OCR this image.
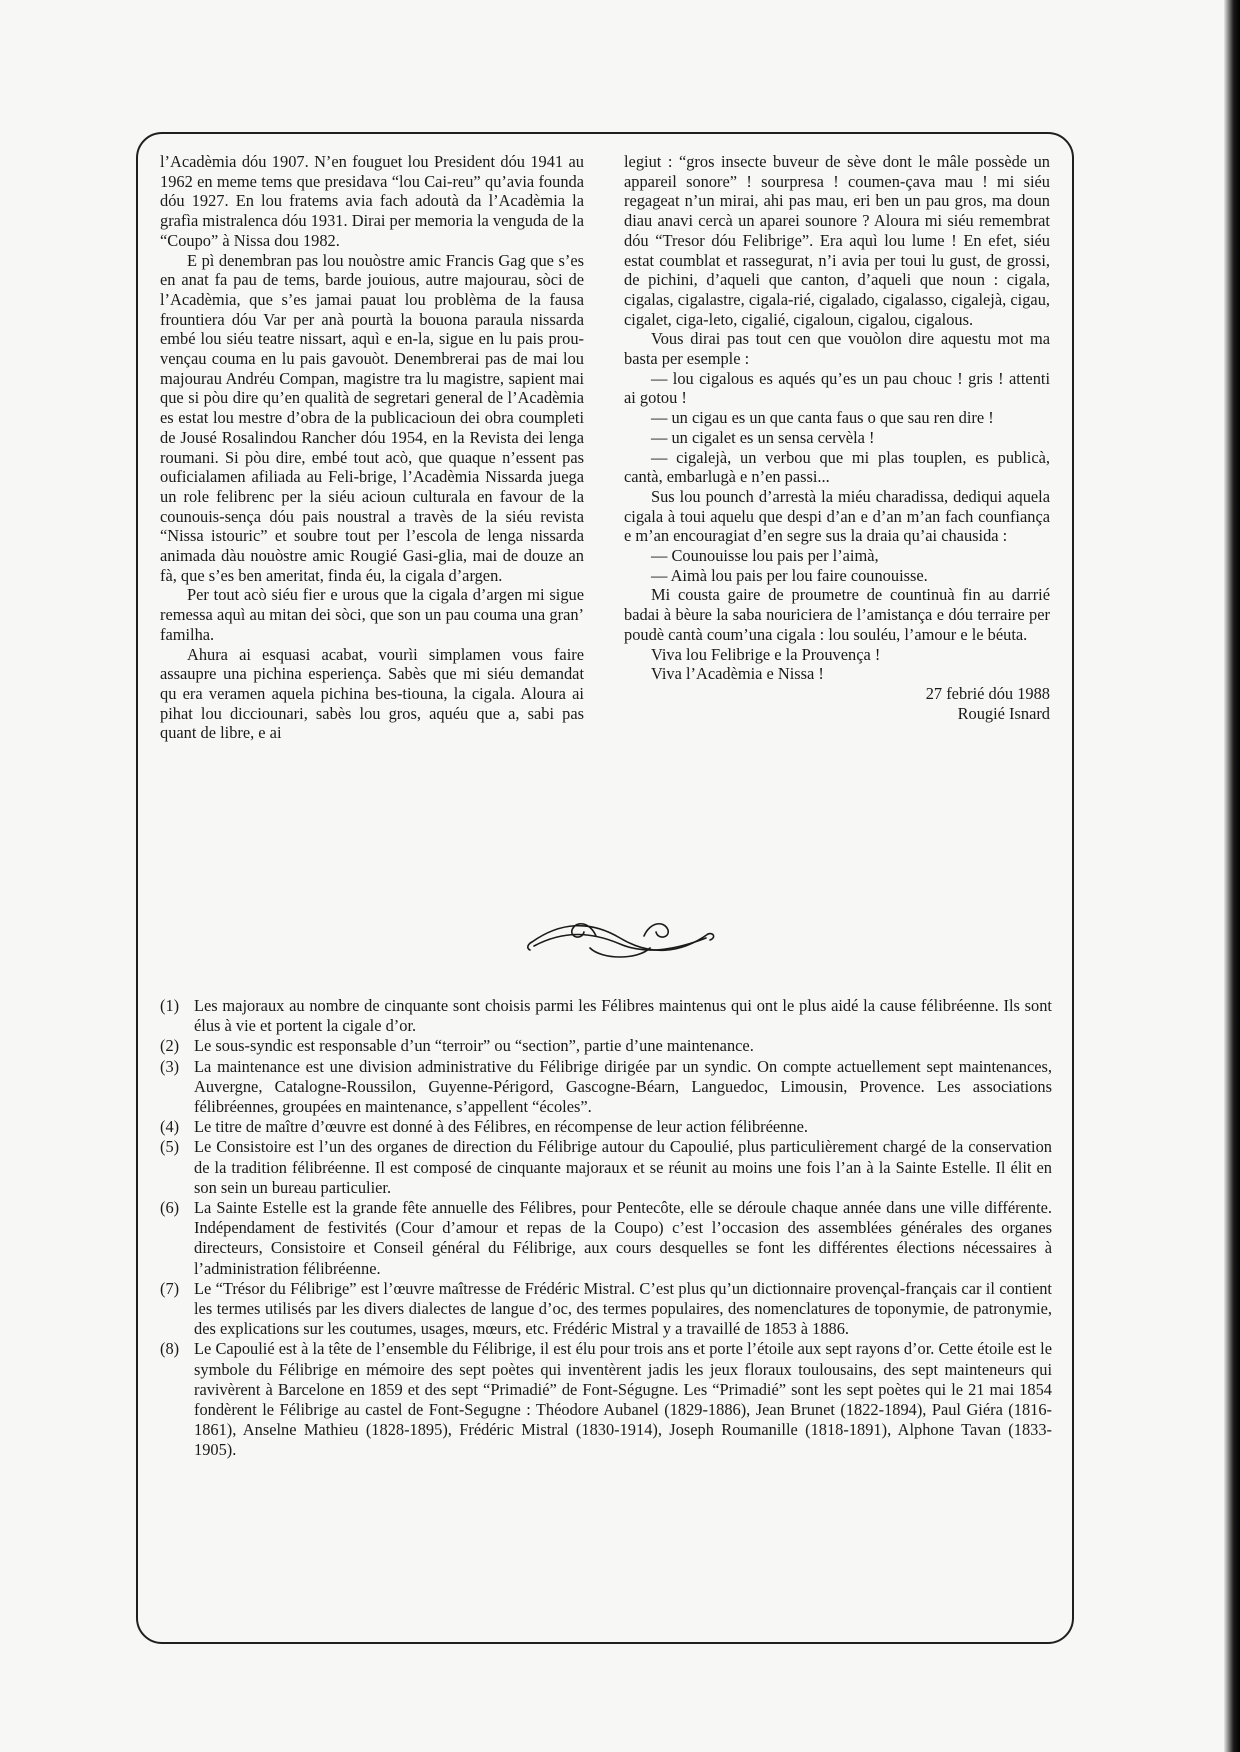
l’Acadèmia dóu 1907. N’en fouguet lou President dóu 1941 au 1962 en meme tems que presidava “lou Cai-reu” qu’avia founda dóu 1927. En lou fratems avia fach adoutà da l’Acadèmia la grafìa mistralenca dóu 1931. Dirai per memoria la venguda de la “Coupo” à Nissa dou 1982.

E pì denembran pas lou nouòstre amic Francis Gag que s’es en anat fa pau de tems, barde jouious, autre majourau, sòci de l’Acadèmia, que s’es jamai pauat lou problèma de la fausa frountiera dóu Var per anà pourtà la bouona paraula nissarda embé lou siéu teatre nissart, aquì e en-la, sigue en lu pais prou-vençau couma en lu pais gavouòt. Denembrerai pas de mai lou majourau Andréu Compan, magistre tra lu magistre, sapient mai que si pòu dire qu’en qualità de segretari general de l’Acadèmia es estat lou mestre d’obra de la publicacioun dei obra coumpleti de Jousé Rosalindou Rancher dóu 1954, en la Revista dei lenga roumani. Si pòu dire, embé tout acò, que quaque n’essent pas ouficialamen afiliada au Feli-brige, l’Acadèmia Nissarda juega un role felibrenc per la siéu acioun culturala en favour de la counouis-sença dóu pais noustral a travès de la siéu revista “Nissa istouric” et soubre tout per l’escola de lenga nissarda animada dàu nouòstre amic Rougié Gasi-glia, mai de douze an fà, que s’es ben ameritat, finda éu, la cigala d’argen.

Per tout acò siéu fier e urous que la cigala d’argen mi sigue remessa aquì au mitan dei sòci, que son un pau couma una gran’ familha.

Ahura ai esquasi acabat, vourìi simplamen vous faire assaupre una pichina esperiença. Sabès que mi siéu demandat qu era veramen aquela pichina bes-tiouna, la cigala. Aloura ai pihat lou dicciounari, sabès lou gros, aquéu que a, sabi pas quant de libre, e ai

legiut : “gros insecte buveur de sève dont le mâle possède un appareil sonore” ! sourpresa ! coumen-çava mau ! mi siéu regageat n’un mirai, ahi pas mau, eri ben un pau gros, ma doun diau anavi cercà un aparei sounore ? Aloura mi siéu remembrat dóu “Tresor dóu Felibrige”. Era aquì lou lume ! En efet, siéu estat coumblat et rassegurat, n’i avia per toui lu gust, de grossi, de pichini, d’aqueli que canton, d’aqueli que noun : cigala, cigalas, cigalastre, cigala-rié, cigalado, cigalasso, cigalejà, cigau, cigalet, ciga-leto, cigalié, cigaloun, cigalou, cigalous.

Vous dirai pas tout cen que vouòlon dire aquestu mot ma basta per esemple :

— lou cigalous es aqués qu’es un pau chouc ! gris ! attenti ai gotou !

— un cigau es un que canta faus o que sau ren dire !

— un cigalet es un sensa cervèla !

— cigalejà, un verbou que mi plas touplen, es publicà, cantà, embarlugà e n’en passi...

Sus lou pounch d’arrestà la miéu charadissa, dediqui aquela cigala à toui aquelu que despi d’an e d’an m’an fach counfiança e m’an encouragiat d’en segre sus la draia qu’ai chausida :

— Counouisse lou pais per l’aimà,

— Aimà lou pais per lou faire counouisse.

Mi cousta gaire de proumetre de countinuà fin au darrié badai à bèure la saba nouriciera de l’amistança e dóu terraire per poudè cantà coum’una cigala : lou souléu, l’amour e le béuta.

Viva lou Felibrige e la Prouvença !

Viva l’Acadèmia e Nissa !

27 febrié dóu 1988

Rougié Isnard

(1) Les majoraux au nombre de cinquante sont choisis parmi les Félibres maintenus qui ont le plus aidé la cause félibréenne. Ils sont élus à vie et portent la cigale d’or.
(2) Le sous-syndic est responsable d’un “terroir” ou “section”, partie d’une maintenance.
(3) La maintenance est une division administrative du Félibrige dirigée par un syndic. On compte actuellement sept maintenances, Auvergne, Catalogne-Roussilon, Guyenne-Périgord, Gascogne-Béarn, Languedoc, Limousin, Provence. Les associations félibréennes, groupées en maintenance, s’appellent “écoles”.
(4) Le titre de maître d’œuvre est donné à des Félibres, en récompense de leur action félibréenne.
(5) Le Consistoire est l’un des organes de direction du Félibrige autour du Capoulié, plus particulièrement chargé de la conservation de la tradition félibréenne. Il est composé de cinquante majoraux et se réunit au moins une fois l’an à la Sainte Estelle. Il élit en son sein un bureau particulier.
(6) La Sainte Estelle est la grande fête annuelle des Félibres, pour Pentecôte, elle se déroule chaque année dans une ville différente. Indépendament de festivités (Cour d’amour et repas de la Coupo) c’est l’occasion des assemblées générales des organes directeurs, Consistoire et Conseil général du Félibrige, aux cours desquelles se font les différentes élections nécessaires à l’administration félibréenne.
(7) Le “Trésor du Félibrige” est l’œuvre maîtresse de Frédéric Mistral. C’est plus qu’un dictionnaire provençal-français car il contient les termes utilisés par les divers dialectes de langue d’oc, des termes populaires, des nomenclatures de toponymie, de patronymie, des explications sur les coutumes, usages, mœurs, etc. Frédéric Mistral y a travaillé de 1853 à 1886.
(8) Le Capoulié est à la tête de l’ensemble du Félibrige, il est élu pour trois ans et porte l’étoile aux sept rayons d’or. Cette étoile est le symbole du Félibrige en mémoire des sept poètes qui inventèrent jadis les jeux floraux toulousains, des sept mainteneurs qui ravivèrent à Barcelone en 1859 et des sept “Primadié” de Font-Ségugne. Les “Primadié” sont les sept poètes qui le 21 mai 1854 fondèrent le Félibrige au castel de Font-Segugne : Théodore Aubanel (1829-1886), Jean Brunet (1822-1894), Paul Giéra (1816-1861), Anselne Mathieu (1828-1895), Frédéric Mistral (1830-1914), Joseph Roumanille (1818-1891), Alphone Tavan (1833-1905).
